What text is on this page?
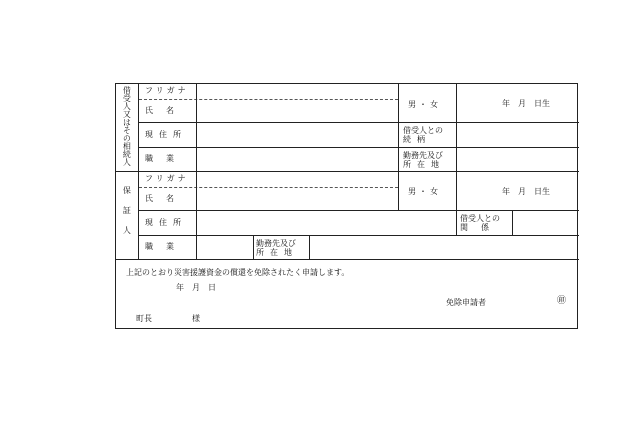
借受人又はその相続人 フリガナ
氏名
男・女	年　月　日生
現住所	借受人との
続柄
職業	勤務先及び
所在地
保証人
フリガナ
氏名
男・女	年　月　日生
現住所	借受人との
関係
職業	勤務先及び
所在地
上記のとおり災害援護資金の償還を免除されたく申請します。
年　月　日
免除申請者	㊞
町長　　　　　様
